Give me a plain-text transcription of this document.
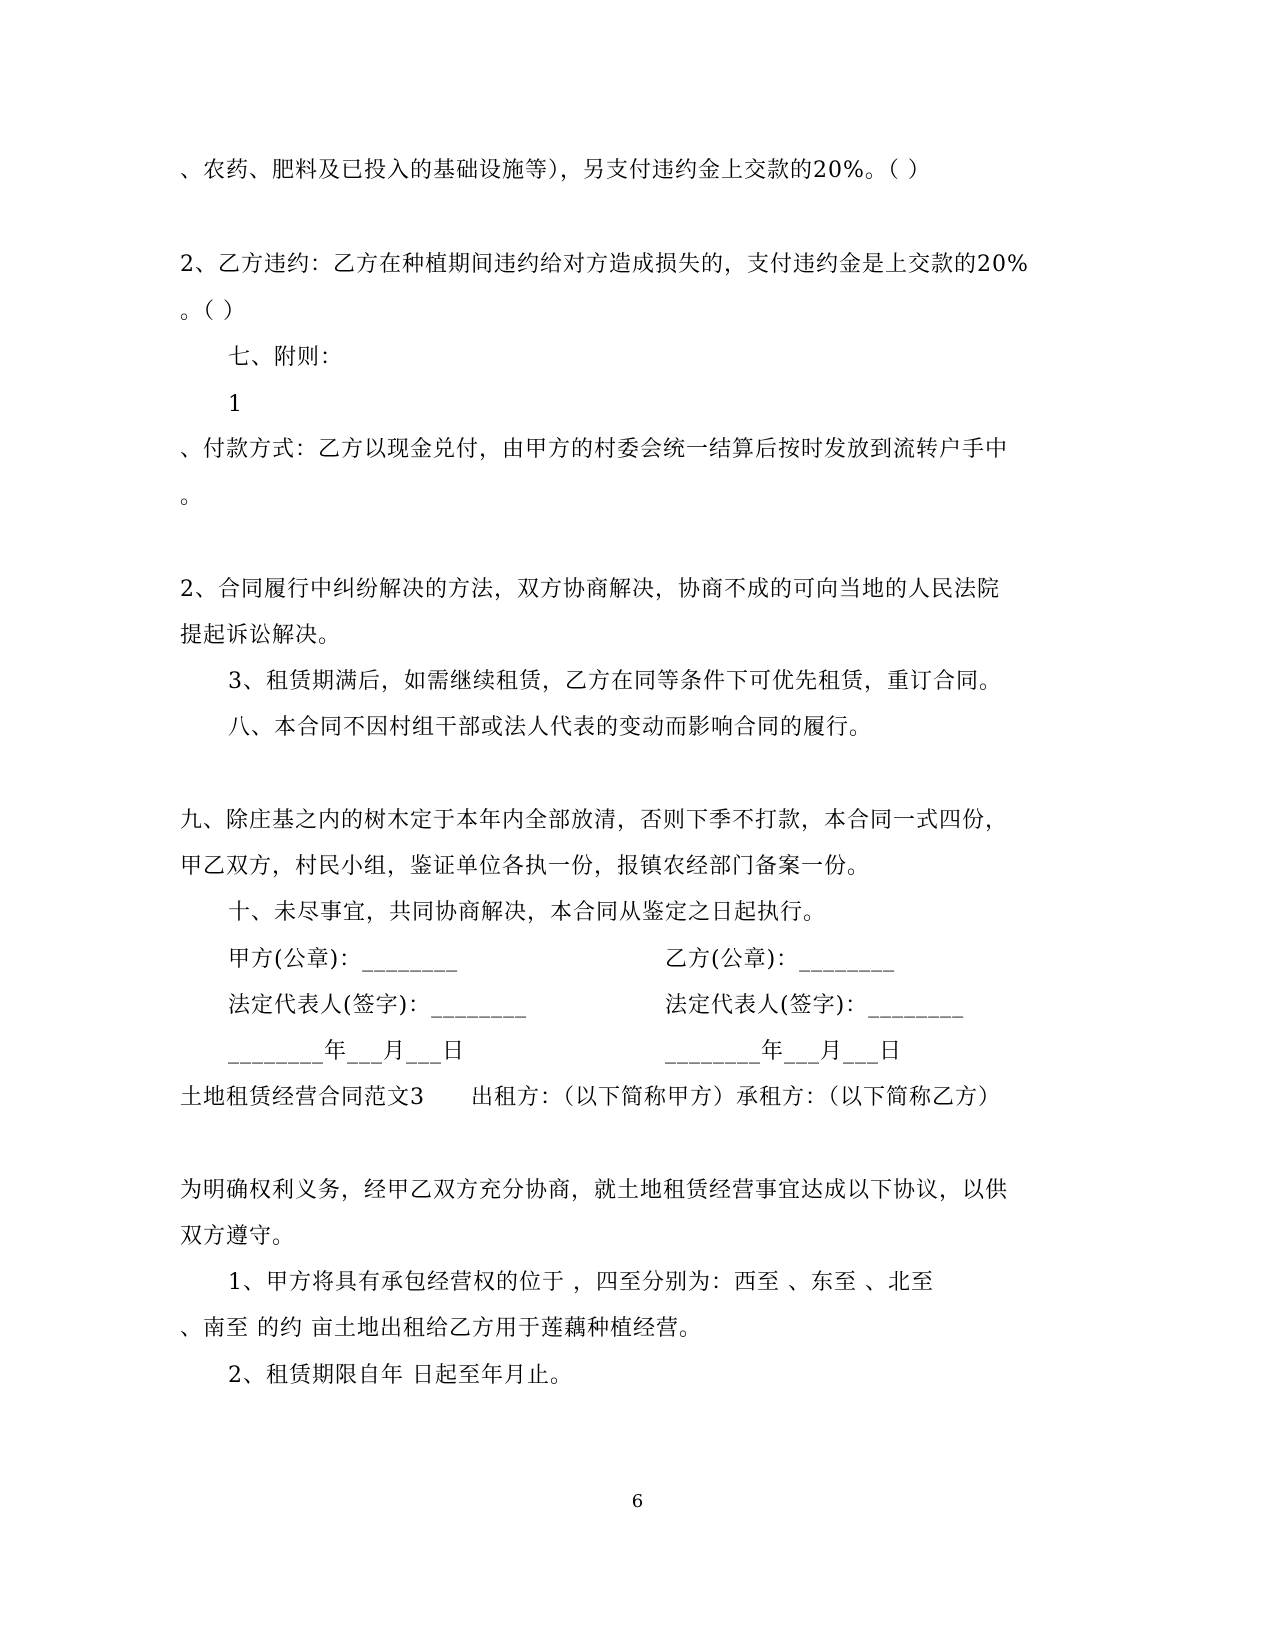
、农药、肥料及已投入的基础设施等），另支付违约金上交款的20%。（ ）
2、乙方违约：乙方在种植期间违约给对方造成损失的，支付违约金是上交款的20%
。（ ）
七、附则：
1
、付款方式：乙方以现金兑付，由甲方的村委会统一结算后按时发放到流转户手中
。
2、合同履行中纠纷解决的方法，双方协商解决，协商不成的可向当地的人民法院
提起诉讼解决。
3、租赁期满后，如需继续租赁，乙方在同等条件下可优先租赁，重订合同。
八、本合同不因村组干部或法人代表的变动而影响合同的履行。
九、除庄基之内的树木定于本年内全部放清，否则下季不打款，本合同一式四份，
甲乙双方，村民小组，鉴证单位各执一份，报镇农经部门备案一份。
十、未尽事宜，共同协商解决，本合同从鉴定之日起执行。
甲方(公章)：________	乙方(公章)：________
法定代表人(签字)：________	法定代表人(签字)：________
________年___月___日	________年___月___日
土地租赁经营合同范文3　　出租方：（以下简称甲方）承租方：（以下简称乙方）
为明确权利义务，经甲乙双方充分协商，就土地租赁经营事宜达成以下协议，以供
双方遵守。
1、甲方将具有承包经营权的位于 ，四至分别为：西至 、东至 、北至
、南至 的约 亩土地出租给乙方用于莲藕种植经营。
2、租赁期限自年 日起至年月止。
6
